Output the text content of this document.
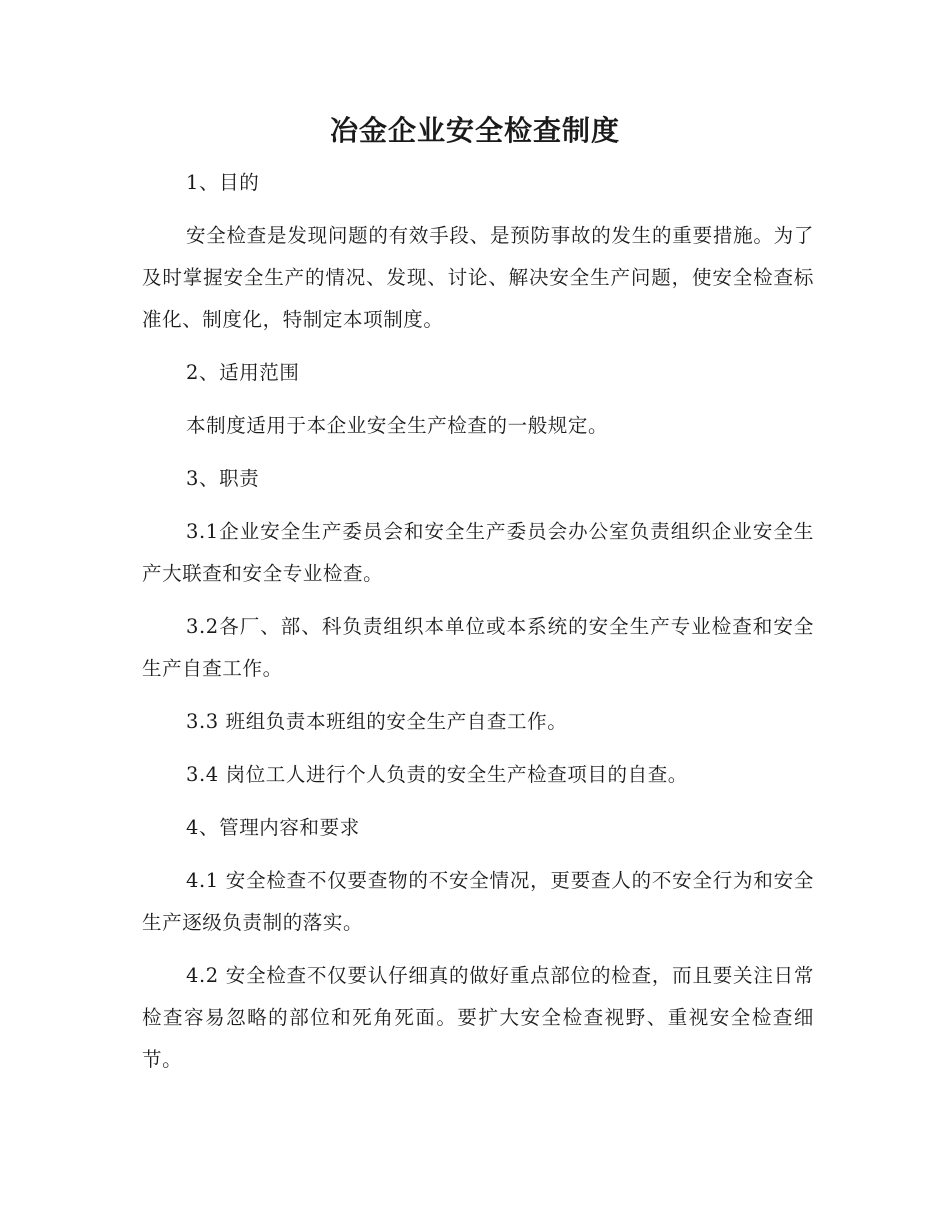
冶金企业安全检查制度

1、目的

安全检查是发现问题的有效手段、是预防事故的发生的重要措施。为了及时掌握安全生产的情况、发现、讨论、解决安全生产问题，使安全检查标准化、制度化，特制定本项制度。

2、适用范围

本制度适用于本企业安全生产检查的一般规定。

3、职责

3.1企业安全生产委员会和安全生产委员会办公室负责组织企业安全生产大联查和安全专业检查。

3.2各厂、部、科负责组织本单位或本系统的安全生产专业检查和安全生产自查工作。

3.3 班组负责本班组的安全生产自查工作。

3.4 岗位工人进行个人负责的安全生产检查项目的自查。

4、管理内容和要求

4.1 安全检查不仅要查物的不安全情况，更要查人的不安全行为和安全生产逐级负责制的落实。

4.2 安全检查不仅要认仔细真的做好重点部位的检查，而且要关注日常检查容易忽略的部位和死角死面。要扩大安全检查视野、重视安全检查细节。
